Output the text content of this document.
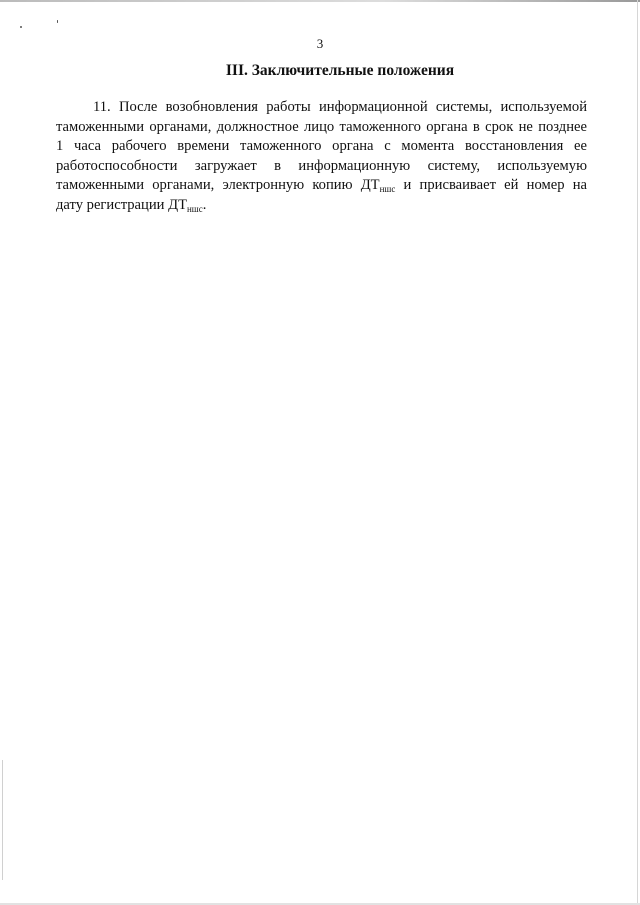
3
III. Заключительные положения

11. После возобновления работы информационной системы, используемой
таможенными органами, должностное лицо таможенного органа в срок не позднее
1 часа рабочего времени таможенного органа с момента восстановления ее
работоспособности загружает в информационную систему, используемую
таможенными органами, электронную копию $ДТ_{ншс}$ и присваивает ей номер на
дату регистрации $ДТ_{ншс}$.
